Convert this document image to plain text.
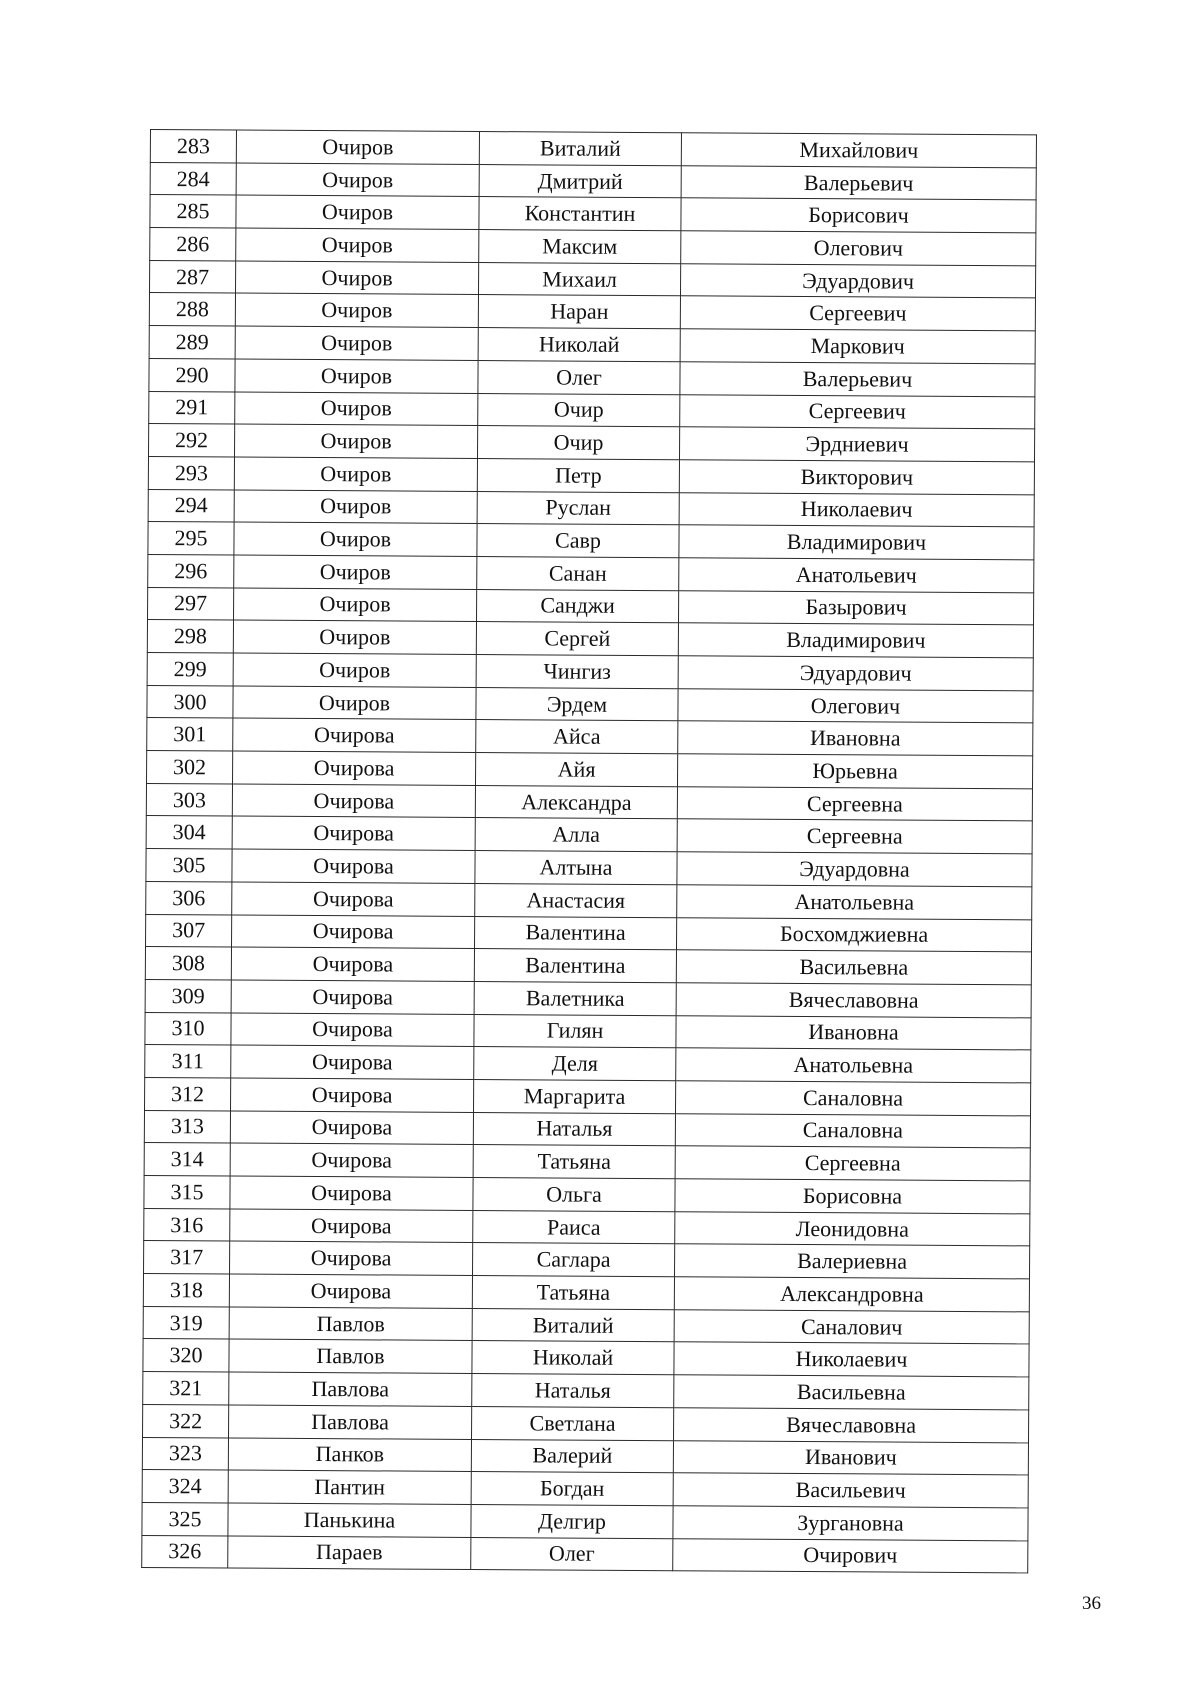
283	Очиров	Виталий	Михайлович
284	Очиров	Дмитрий	Валерьевич
285	Очиров	Константин	Борисович
286	Очиров	Максим	Олегович
287	Очиров	Михаил	Эдуардович
288	Очиров	Наран	Сергеевич
289	Очиров	Николай	Маркович
290	Очиров	Олег	Валерьевич
291	Очиров	Очир	Сергеевич
292	Очиров	Очир	Эрдниевич
293	Очиров	Петр	Викторович
294	Очиров	Руслан	Николаевич
295	Очиров	Савр	Владимирович
296	Очиров	Санан	Анатольевич
297	Очиров	Санджи	Базырович
298	Очиров	Сергей	Владимирович
299	Очиров	Чингиз	Эдуардович
300	Очиров	Эрдем	Олегович
301	Очирова	Айса	Ивановна
302	Очирова	Айя	Юрьевна
303	Очирова	Александра	Сергеевна
304	Очирова	Алла	Сергеевна
305	Очирова	Алтына	Эдуардовна
306	Очирова	Анастасия	Анатольевна
307	Очирова	Валентина	Босхомджиевна
308	Очирова	Валентина	Васильевна
309	Очирова	Валетника	Вячеславовна
310	Очирова	Гилян	Ивановна
311	Очирова	Деля	Анатольевна
312	Очирова	Маргарита	Саналовна
313	Очирова	Наталья	Саналовна
314	Очирова	Татьяна	Сергеевна
315	Очирова	Ольга	Борисовна
316	Очирова	Раиса	Леонидовна
317	Очирова	Саглара	Валериевна
318	Очирова	Татьяна	Александровна
319	Павлов	Виталий	Саналович
320	Павлов	Николай	Николаевич
321	Павлова	Наталья	Васильевна
322	Павлова	Светлана	Вячеславовна
323	Панков	Валерий	Иванович
324	Пантин	Богдан	Васильевич
325	Панькина	Делгир	Зургановна
326	Параев	Олег	Очирович
36
